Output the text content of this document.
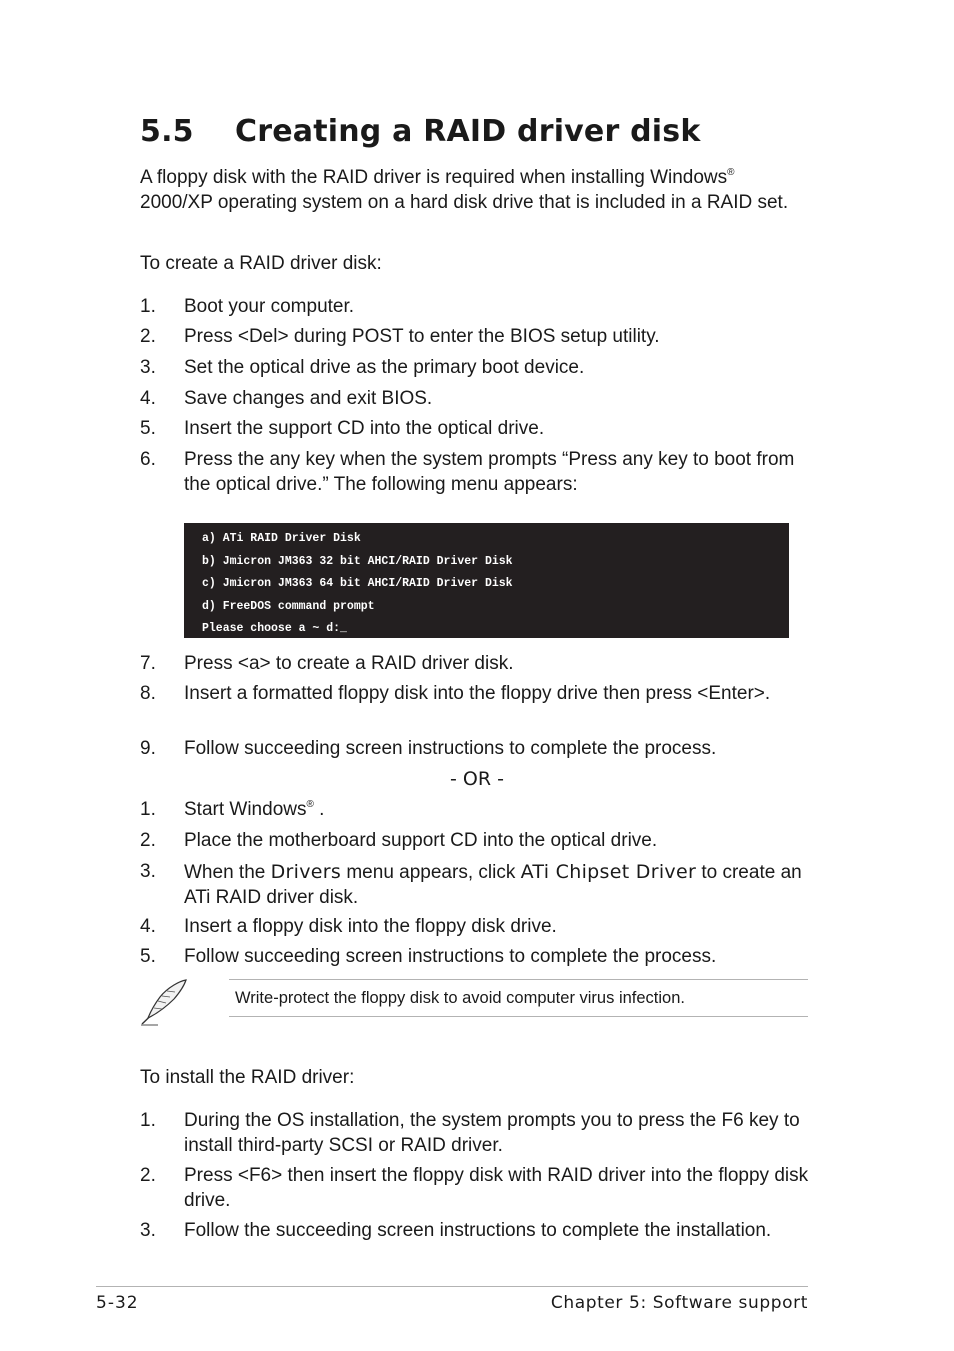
5.5 Creating a RAID driver disk

A floppy disk with the RAID driver is required when installing Windows®
2000/XP operating system on a hard disk drive that is included in a RAID set.

To create a RAID driver disk:

1. Boot your computer.
2. Press <Del> during POST to enter the BIOS setup utility.
3. Set the optical drive as the primary boot device.
4. Save changes and exit BIOS.
5. Insert the support CD into the optical drive.
6. Press the any key when the system prompts “Press any key to boot from the optical drive.” The following menu appears:
a) ATi RAID Driver Disk
b) Jmicron JM363 32 bit AHCI/RAID Driver Disk
c) Jmicron JM363 64 bit AHCI/RAID Driver Disk
d) FreeDOS command prompt
Please choose a ~ d:_
7. Press <a> to create a RAID driver disk.
8. Insert a formatted floppy disk into the floppy drive then press <Enter>.
9. Follow succeeding screen instructions to complete the process.
- OR -
1. Start Windows® .
2. Place the motherboard support CD into the optical drive.
3. When the Drivers menu appears, click ATi Chipset Driver to create an ATi RAID driver disk.
4. Insert a floppy disk into the floppy disk drive.
5. Follow succeeding screen instructions to complete the process.
Write-protect the floppy disk to avoid computer virus infection.

To install the RAID driver:

1. During the OS installation, the system prompts you to press the F6 key to install third-party SCSI or RAID driver.
2. Press <F6> then insert the floppy disk with RAID driver into the floppy disk drive.
3. Follow the succeeding screen instructions to complete the installation.
5-32	Chapter 5: Software support
